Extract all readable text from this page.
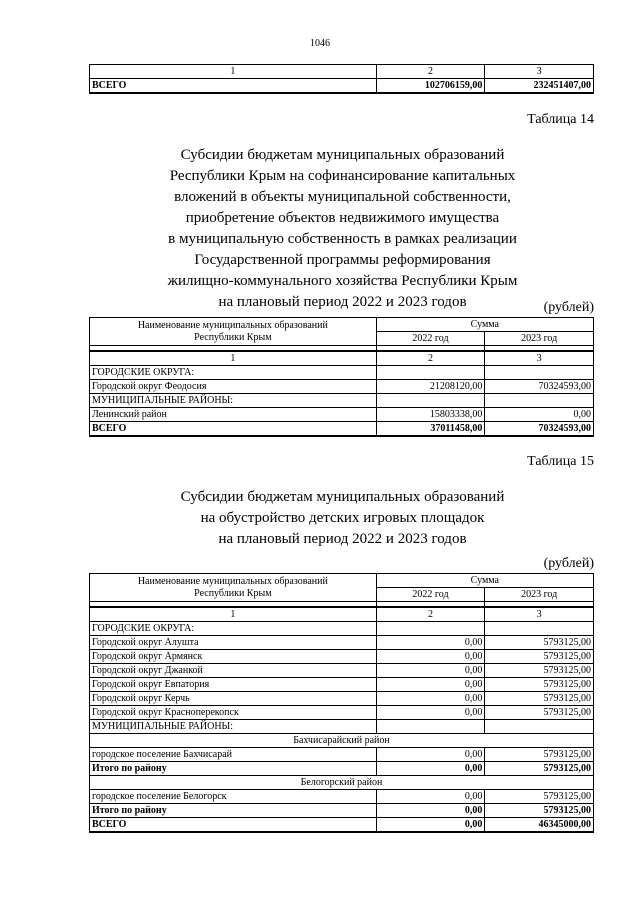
1046
1	2	3
ВСЕГО	102706159,00	232451407,00
Таблица 14
Субсидии бюджетам муниципальных образований
Республики Крым на софинансирование капитальных
вложений в объекты муниципальной собственности,
приобретение объектов недвижимого имущества
в муниципальную собственность в рамках реализации
Государственной программы реформирования
жилищно-коммунального хозяйства Республики Крым
на плановый период 2022 и 2023 годов	(рублей)
Наименование муниципальных образований
Республики Крым	Сумма	
	2022 год	2023 год

1	2	3
ГОРОДСКИЕ ОКРУГА:		
Городской округ Феодосия	21208120,00	70324593,00
МУНИЦИПАЛЬНЫЕ РАЙОНЫ:		
Ленинский район	15803338,00	0,00
ВСЕГО	37011458,00	70324593,00
Таблица 15
Субсидии бюджетам муниципальных образований
на обустройство детских игровых площадок
на плановый период 2022 и 2023 годов
(рублей)
Наименование муниципальных образований
Республики Крым	Сумма	
	2022 год	2023 год

1	2	3
ГОРОДСКИЕ ОКРУГА:		
Городской округ Алушта	0,00	5793125,00
Городской округ Армянск	0,00	5793125,00
Городской округ Джанкой	0,00	5793125,00
Городской округ Евпатория	0,00	5793125,00
Городской округ Керчь	0,00	5793125,00
Городской округ Красноперекопск	0,00	5793125,00
МУНИЦИПАЛЬНЫЕ РАЙОНЫ:		
Бахчисарайский район		
городское поселение Бахчисарай	0,00	5793125,00
Итого по району	0,00	5793125,00
Белогорский район		
городское поселение Белогорск	0,00	5793125,00
Итого по району	0,00	5793125,00
ВСЕГО	0,00	46345000,00
